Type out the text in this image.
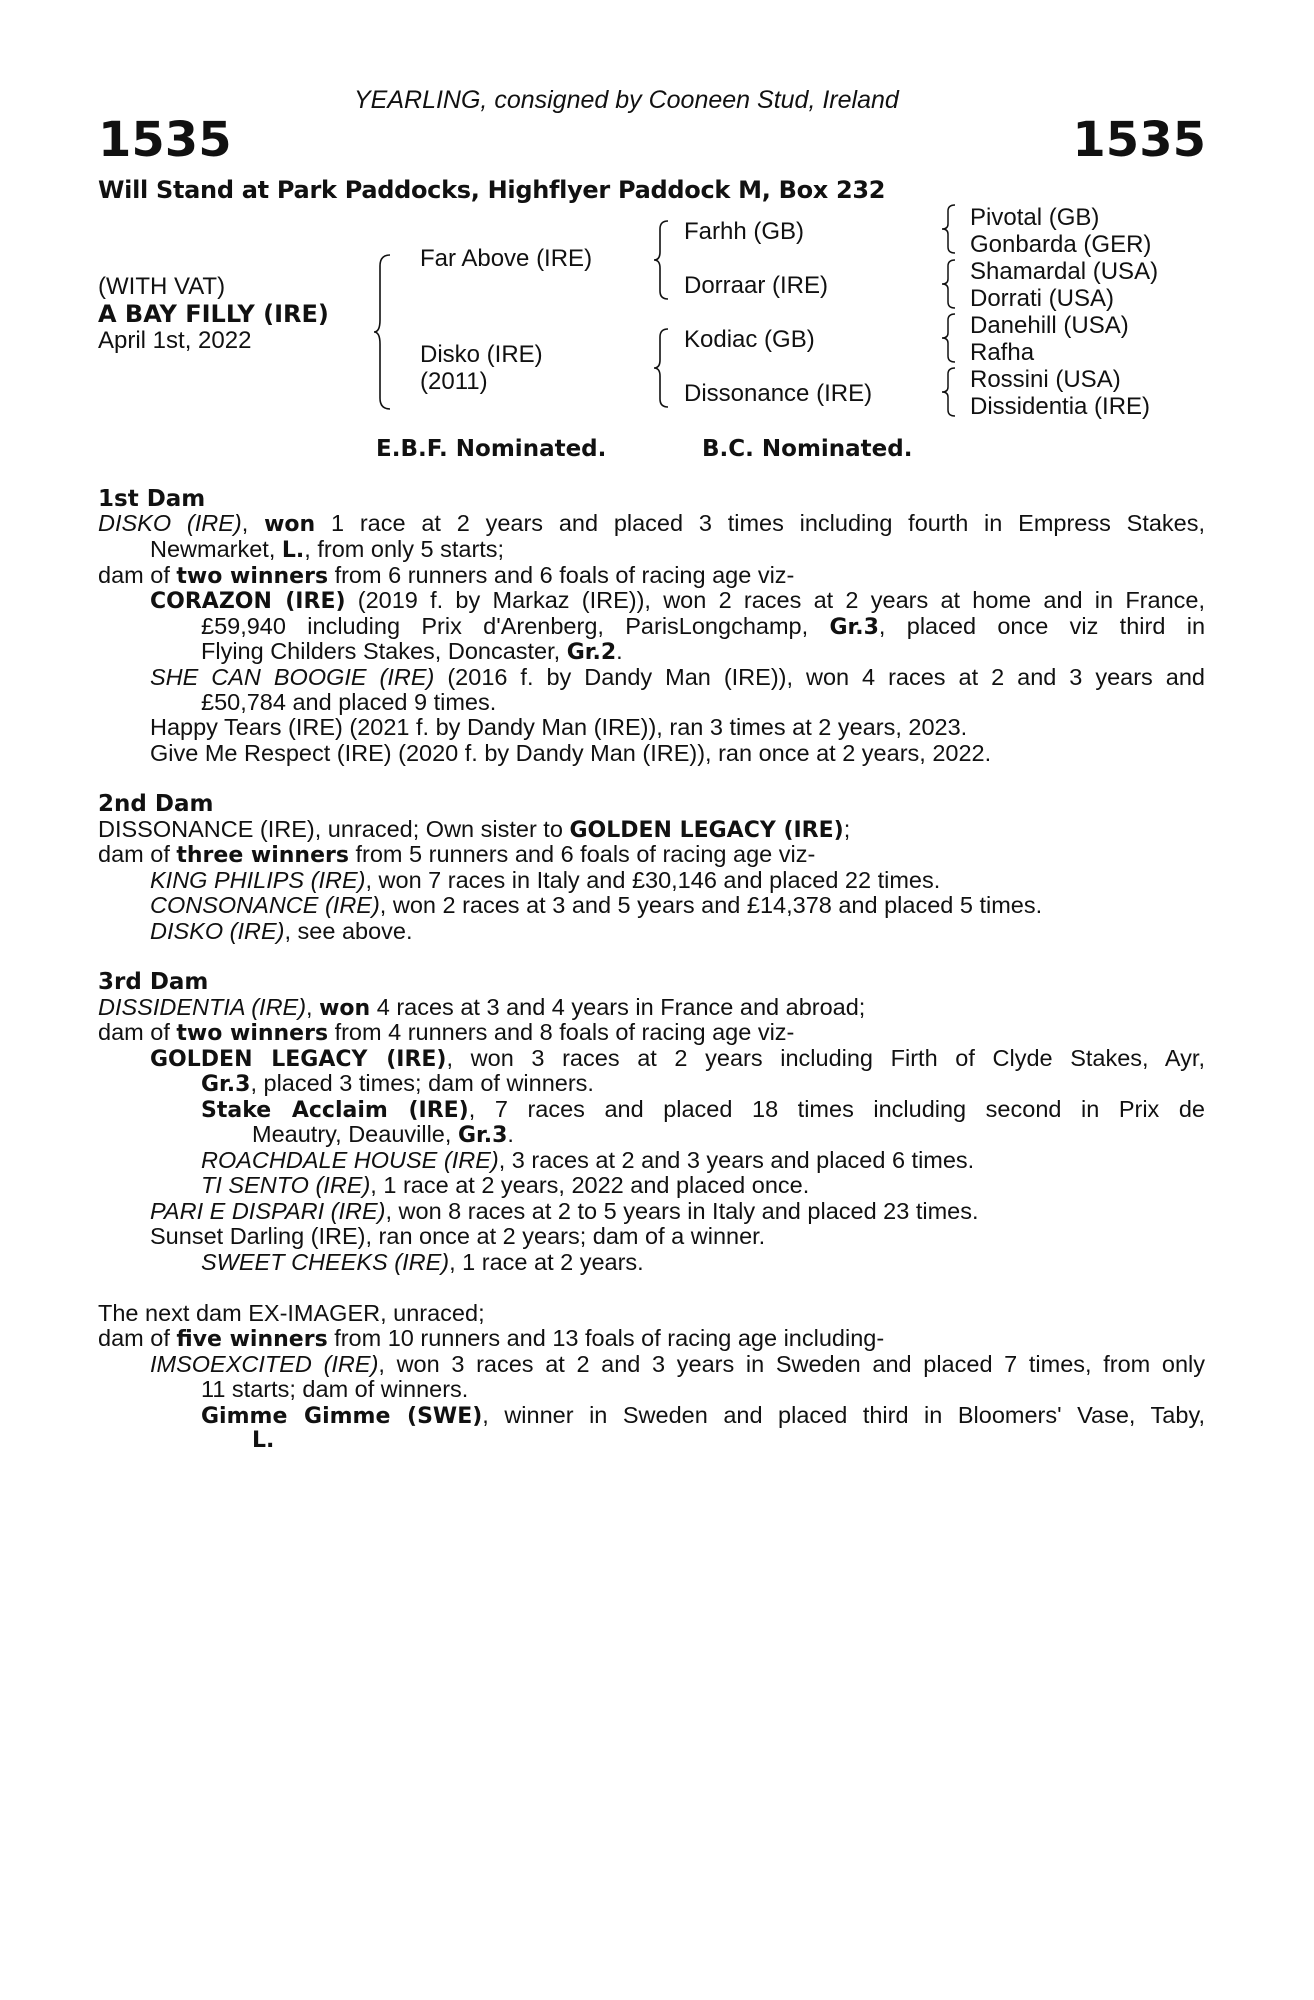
YEARLING, consigned by Cooneen Stud, Ireland
1535	1535
Will Stand at Park Paddocks, Highflyer Paddock M, Box 232
(WITH VAT)
A BAY FILLY (IRE)
April 1st, 2022
Far Above (IRE)
Disko (IRE)
(2011)
Farhh (GB)
Dorraar (IRE)
Kodiac (GB)
Dissonance (IRE)
Pivotal (GB)
Gonbarda (GER)
Shamardal (USA)
Dorrati (USA)
Danehill (USA)
Rafha
Rossini (USA)
Dissidentia (IRE)
E.B.F. Nominated.	B.C. Nominated.
1st Dam
DISKO (IRE), won 1 race at 2 years and placed 3 times including fourth in Empress Stakes,
Newmarket, L., from only 5 starts;
dam of two winners from 6 runners and 6 foals of racing age viz-
CORAZON (IRE) (2019 f. by Markaz (IRE)), won 2 races at 2 years at home and in France,
£59,940 including Prix d'Arenberg, ParisLongchamp, Gr.3, placed once viz third in
Flying Childers Stakes, Doncaster, Gr.2.
SHE CAN BOOGIE (IRE) (2016 f. by Dandy Man (IRE)), won 4 races at 2 and 3 years and
£50,784 and placed 9 times.
Happy Tears (IRE) (2021 f. by Dandy Man (IRE)), ran 3 times at 2 years, 2023.
Give Me Respect (IRE) (2020 f. by Dandy Man (IRE)), ran once at 2 years, 2022.
2nd Dam
DISSONANCE (IRE), unraced; Own sister to GOLDEN LEGACY (IRE);
dam of three winners from 5 runners and 6 foals of racing age viz-
KING PHILIPS (IRE), won 7 races in Italy and £30,146 and placed 22 times.
CONSONANCE (IRE), won 2 races at 3 and 5 years and £14,378 and placed 5 times.
DISKO (IRE), see above.
3rd Dam
DISSIDENTIA (IRE), won 4 races at 3 and 4 years in France and abroad;
dam of two winners from 4 runners and 8 foals of racing age viz-
GOLDEN LEGACY (IRE), won 3 races at 2 years including Firth of Clyde Stakes, Ayr,
Gr.3, placed 3 times; dam of winners.
Stake Acclaim (IRE), 7 races and placed 18 times including second in Prix de
Meautry, Deauville, Gr.3.
ROACHDALE HOUSE (IRE), 3 races at 2 and 3 years and placed 6 times.
TI SENTO (IRE), 1 race at 2 years, 2022 and placed once.
PARI E DISPARI (IRE), won 8 races at 2 to 5 years in Italy and placed 23 times.
Sunset Darling (IRE), ran once at 2 years; dam of a winner.
SWEET CHEEKS (IRE), 1 race at 2 years.
The next dam EX-IMAGER, unraced;
dam of five winners from 10 runners and 13 foals of racing age including-
IMSOEXCITED (IRE), won 3 races at 2 and 3 years in Sweden and placed 7 times, from only
11 starts; dam of winners.
Gimme Gimme (SWE), winner in Sweden and placed third in Bloomers' Vase, Taby,
L.
